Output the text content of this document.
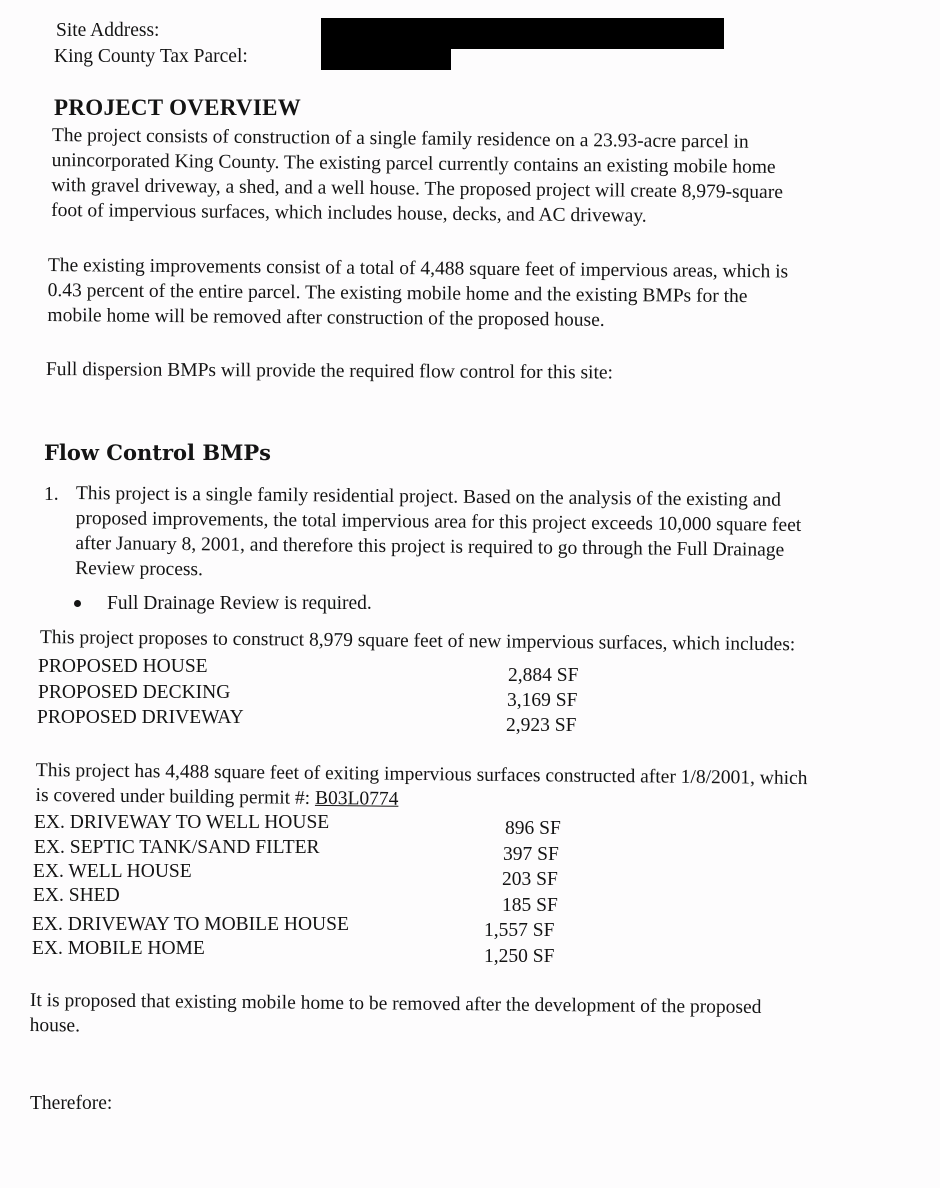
Site Address:
King County Tax Parcel:
PROJECT OVERVIEW

The project consists of construction of a single family residence on a 23.93-acre parcel in

unincorporated King County. The existing parcel currently contains an existing mobile home

with gravel driveway, a shed, and a well house. The proposed project will create 8,979-square

foot of impervious surfaces, which includes house, decks, and AC driveway.

The existing improvements consist of a total of 4,488 square feet of impervious areas, which is

0.43 percent of the entire parcel. The existing mobile home and the existing BMPs for the

mobile home will be removed after construction of the proposed house.

Full dispersion BMPs will provide the required flow control for this site:
Flow Control BMPs
1. This project is a single family residential project. Based on the analysis of the existing and

proposed improvements, the total impervious area for this project exceeds 10,000 square feet

after January 8, 2001, and therefore this project is required to go through the Full Drainage

Review process.

Full Drainage Review is required.
This project proposes to construct 8,979 square feet of new impervious surfaces, which includes:
PROPOSED HOUSE	2,884 SF
PROPOSED DECKING	3,169 SF
PROPOSED DRIVEWAY	2,923 SF

This project has 4,488 square feet of exiting impervious surfaces constructed after 1/8/2001, which

is covered under building permit #: B03L0774

EX. DRIVEWAY TO WELL HOUSE	896 SF
EX. SEPTIC TANK/SAND FILTER	397 SF
EX. WELL HOUSE	203 SF
EX. SHED	185 SF
EX. DRIVEWAY TO MOBILE HOUSE	1,557 SF
EX. MOBILE HOME	1,250 SF

It is proposed that existing mobile home to be removed after the development of the proposed

house.

Therefore:
